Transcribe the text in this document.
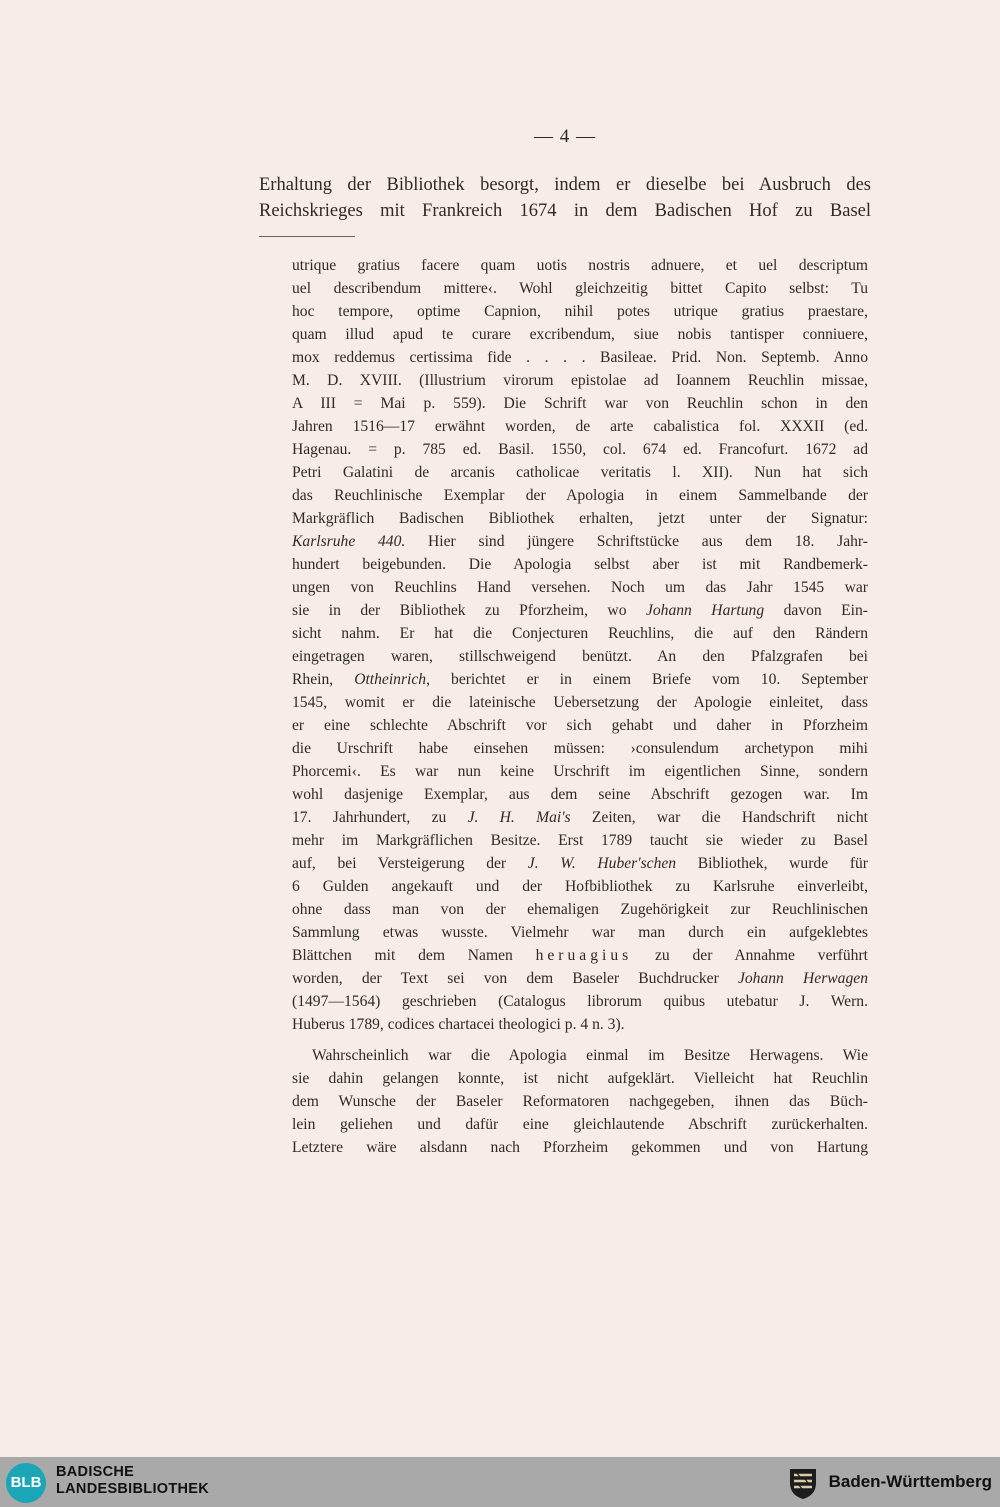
— 4 —
Erhaltung der Bibliothek besorgt, indem er dieselbe bei Ausbruch des
Reichskrieges mit Frankreich 1674 in dem Badischen Hof zu Basel
utrique gratius facere quam uotis nostris adnuere, et uel descriptum
uel describendum mittere‹. Wohl gleichzeitig bittet Capito selbst: Tu
hoc tempore, optime Capnion, nihil potes utrique gratius praestare,
quam illud apud te curare excribendum, siue nobis tantisper conniuere,
mox reddemus certissima fide . . . . Basileae. Prid. Non. Septemb. Anno
M. D. XVIII. (Illustrium virorum epistolae ad Ioannem Reuchlin missae,
A III = Mai p. 559). Die Schrift war von Reuchlin schon in den
Jahren 1516—17 erwähnt worden, de arte cabalistica fol. XXXII (ed.
Hagenau. = p. 785 ed. Basil. 1550, col. 674 ed. Francofurt. 1672 ad
Petri Galatini de arcanis catholicae veritatis l. XII). Nun hat sich
das Reuchlinische Exemplar der Apologia in einem Sammelbande der
Markgräflich Badischen Bibliothek erhalten, jetzt unter der Signatur:
Karlsruhe 440. Hier sind jüngere Schriftstücke aus dem 18. Jahr-
hundert beigebunden. Die Apologia selbst aber ist mit Randbemerk-
ungen von Reuchlins Hand versehen. Noch um das Jahr 1545 war
sie in der Bibliothek zu Pforzheim, wo Johann Hartung davon Ein-
sicht nahm. Er hat die Conjecturen Reuchlins, die auf den Rändern
eingetragen waren, stillschweigend benützt. An den Pfalzgrafen bei
Rhein, Ottheinrich, berichtet er in einem Briefe vom 10. September
1545, womit er die lateinische Uebersetzung der Apologie einleitet, dass
er eine schlechte Abschrift vor sich gehabt und daher in Pforzheim
die Urschrift habe einsehen müssen: ›consulendum archetypon mihi
Phorcemi‹. Es war nun keine Urschrift im eigentlichen Sinne, sondern
wohl dasjenige Exemplar, aus dem seine Abschrift gezogen war. Im
17. Jahrhundert, zu J. H. Mai's Zeiten, war die Handschrift nicht
mehr im Markgräflichen Besitze. Erst 1789 taucht sie wieder zu Basel
auf, bei Versteigerung der J. W. Huber'schen Bibliothek, wurde für
6 Gulden angekauft und der Hofbibliothek zu Karlsruhe einverleibt,
ohne dass man von der ehemaligen Zugehörigkeit zur Reuchlinischen
Sammlung etwas wusste. Vielmehr war man durch ein aufgeklebtes
Blättchen mit dem Namen heruagius zu der Annahme verführt
worden, der Text sei von dem Baseler Buchdrucker Johann Herwagen
(1497—1564) geschrieben (Catalogus librorum quibus utebatur J. Wern.
Huberus 1789, codices chartacei theologici p. 4 n. 3).
Wahrscheinlich war die Apologia einmal im Besitze Herwagens. Wie
sie dahin gelangen konnte, ist nicht aufgeklärt. Vielleicht hat Reuchlin
dem Wunsche der Baseler Reformatoren nachgegeben, ihnen das Büch-
lein geliehen und dafür eine gleichlautende Abschrift zurückerhalten.
Letztere wäre alsdann nach Pforzheim gekommen und von Hartung
BLB
BADISCHE
LANDESBIBLIOTHEK	Baden-Württemberg
